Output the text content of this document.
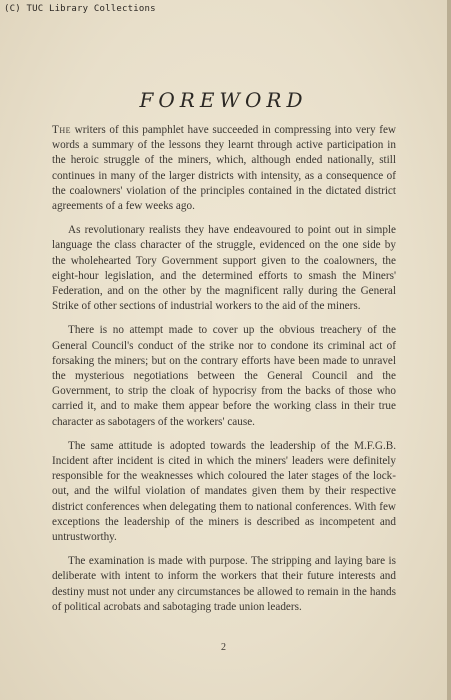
(C) TUC Library Collections
FOREWORD

The writers of this pamphlet have succeeded in compressing into very few words a summary of the lessons they learnt through active participation in the heroic struggle of the miners, which, although ended nationally, still continues in many of the larger districts with intensity, as a consequence of the coalowners' violation of the principles contained in the dictated district agreements of a few weeks ago.

As revolutionary realists they have endeavoured to point out in simple language the class character of the struggle, evidenced on the one side by the wholehearted Tory Government support given to the coalowners, the eight-hour legislation, and the determined efforts to smash the Miners' Federation, and on the other by the magnificent rally during the General Strike of other sections of industrial workers to the aid of the miners.

There is no attempt made to cover up the obvious treachery of the General Council's conduct of the strike nor to condone its criminal act of forsaking the miners; but on the contrary efforts have been made to unravel the mysterious negotiations between the General Council and the Government, to strip the cloak of hypocrisy from the backs of those who carried it, and to make them appear before the working class in their true character as sabotagers of the workers' cause.

The same attitude is adopted towards the leadership of the M.F.G.B. Incident after incident is cited in which the miners' leaders were definitely responsible for the weaknesses which coloured the later stages of the lock-out, and the wilful violation of mandates given them by their respective district conferences when delegating them to national conferences. With few exceptions the leadership of the miners is described as incompetent and untrustworthy.

The examination is made with purpose. The stripping and laying bare is deliberate with intent to inform the workers that their future interests and destiny must not under any circumstances be allowed to remain in the hands of political acrobats and sabotaging trade union leaders.

2
